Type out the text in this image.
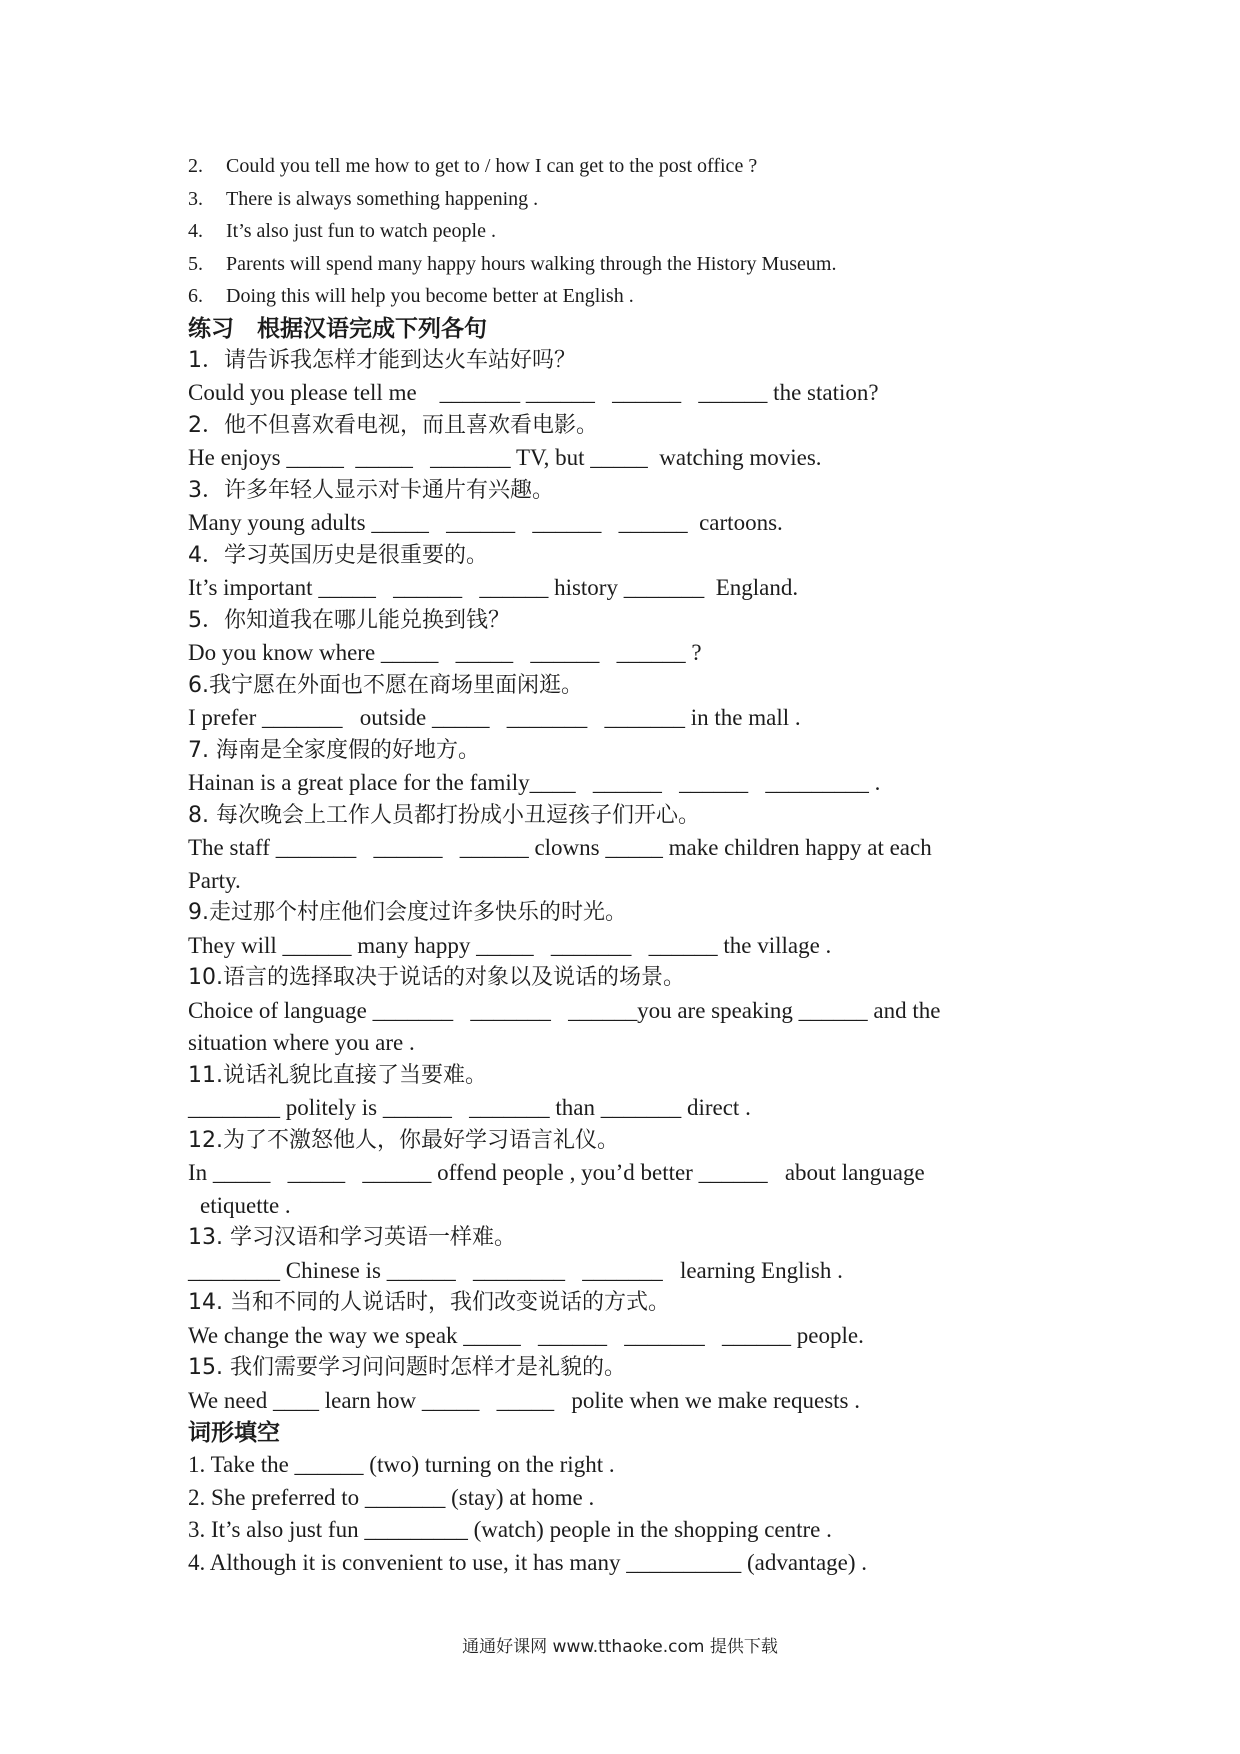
2. Could you tell me how to get to / how I can get to the post office ?
3. There is always something happening .
4. It’s also just fun to watch people .
5. Parents will spend many happy hours walking through the History Museum.
6. Doing this will help you become better at English .
练习　根据汉语完成下列各句
1．请告诉我怎样才能到达火车站好吗？
Could you please tell me    _______ ______   ______   ______ the station?
2．他不但喜欢看电视，而且喜欢看电影。
He enjoys _____  _____   _______ TV, but _____  watching movies.
3．许多年轻人显示对卡通片有兴趣。
Many young adults _____   ______   ______   ______  cartoons.
4．学习英国历史是很重要的。
It’s important _____   ______   ______ history _______  England.
5．你知道我在哪儿能兑换到钱？
Do you know where _____   _____   ______   ______ ?
6.我宁愿在外面也不愿在商场里面闲逛。
I prefer _______   outside _____   _______   _______ in the mall .
7. 海南是全家度假的好地方。
Hainan is a great place for the family____   ______   ______   _________ .
8. 每次晚会上工作人员都打扮成小丑逗孩子们开心。
The staff _______   ______   ______ clowns _____ make children happy at each
Party.
9.走过那个村庄他们会度过许多快乐的时光。
They will ______ many happy _____   _______   ______ the village .
10.语言的选择取决于说话的对象以及说话的场景。
Choice of language _______   _______   ______you are speaking ______ and the
situation where you are .
11.说话礼貌比直接了当要难。
________ politely is ______   _______ than _______ direct .
12.为了不激怒他人，你最好学习语言礼仪。
In _____   _____   ______ offend people , you’d better ______   about language
etiquette .
13. 学习汉语和学习英语一样难。
________ Chinese is ______   ________   _______   learning English .
14. 当和不同的人说话时，我们改变说话的方式。
We change the way we speak _____   ______   _______   ______ people.
15. 我们需要学习问问题时怎样才是礼貌的。
We need ____ learn how _____   _____   polite when we make requests .
词形填空
1. Take the ______ (two) turning on the right .
2. She preferred to _______ (stay) at home .
3. It’s also just fun _________ (watch) people in the shopping centre .
4. Although it is convenient to use, it has many __________ (advantage) .
通通好课网 www.tthaoke.com 提供下载
